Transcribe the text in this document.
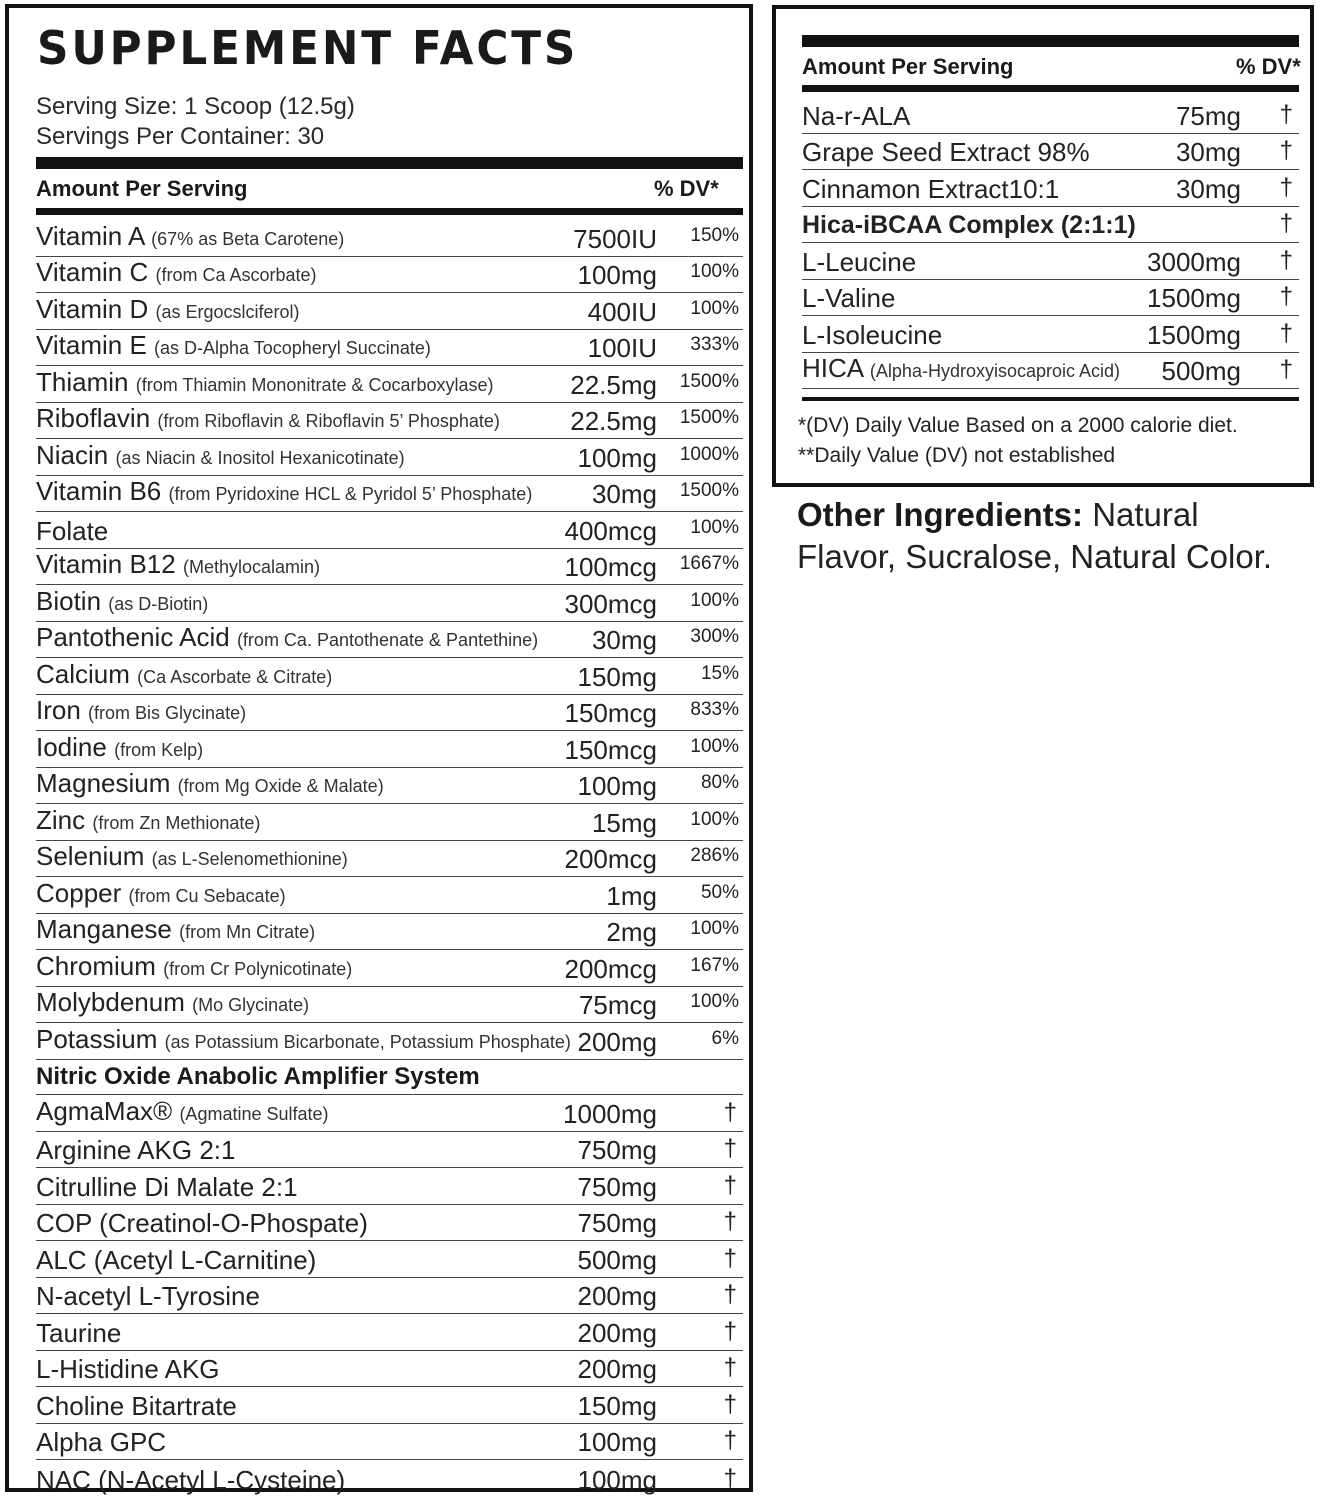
SUPPLEMENT FACTS
Serving Size: 1 Scoop (12.5g)
Servings Per Container: 30
Amount Per Serving	% DV*
Vitamin A (67% as Beta Carotene)	7500IU 150%
Vitamin C (from Ca Ascorbate)	100mg 100%
Vitamin D (as Ergocslciferol)	400IU 100%
Vitamin E (as D-Alpha Tocopheryl Succinate)	100IU 333%
Thiamin (from Thiamin Mononitrate & Cocarboxylase)	22.5mg 1500%
Riboflavin (from Riboflavin & Riboflavin 5’ Phosphate)	22.5mg 1500%
Niacin (as Niacin & Inositol Hexanicotinate)	100mg 1000%
Vitamin B6 (from Pyridoxine HCL & Pyridol 5’ Phosphate) 30mg 1500%
Folate	400mcg 100%
Vitamin B12 (Methylocalamin)	100mcg 1667%
Biotin (as D-Biotin)	300mcg 100%
Pantothenic Acid (from Ca. Pantothenate & Pantethine) 30mg 300%
Calcium (Ca Ascorbate & Citrate)	150mg 15%
Iron (from Bis Glycinate)	150mcg 833%
Iodine (from Kelp)	150mcg 100%
Magnesium (from Mg Oxide & Malate)	100mg 80%
Zinc (from Zn Methionate)	15mg 100%
Selenium (as L-Selenomethionine)	200mcg 286%
Copper (from Cu Sebacate)	1mg 50%
Manganese (from Mn Citrate)	2mg 100%
Chromium (from Cr Polynicotinate)	200mcg 167%
Molybdenum (Mo Glycinate)	75mcg 100%
Potassium (as Potassium Bicarbonate, Potassium Phosphate) 200mg	6%
Nitric Oxide Anabolic Amplifier System
AgmaMax® (Agmatine Sulfate)	1000mg	†
Arginine AKG 2:1	750mg	†
Citrulline Di Malate 2:1	750mg	†
COP (Creatinol-O-Phospate)	750mg	†
ALC (Acetyl L-Carnitine)	500mg	†
N-acetyl L-Tyrosine	200mg	†
Taurine	200mg	†
L-Histidine AKG	200mg	†
Choline Bitartrate	150mg	†
Alpha GPC	100mg	†
NAC (N-Acetyl L-Cysteine)	100mg	†
Amount Per Serving	% DV*
Na-r-ALA	75mg †
Grape Seed Extract 98%	30mg †
Cinnamon Extract10:1	30mg †
Hica-iBCAA Complex (2:1:1)	†
L-Leucine	3000mg †
L-Valine	1500mg †
L-Isoleucine	1500mg †
HICA (Alpha-Hydroxyisocaproic Acid) 500mg †
*(DV) Daily Value Based on a 2000 calorie diet.
**Daily Value (DV) not established

Other Ingredients: Natural Flavor, Sucralose, Natural Color.
